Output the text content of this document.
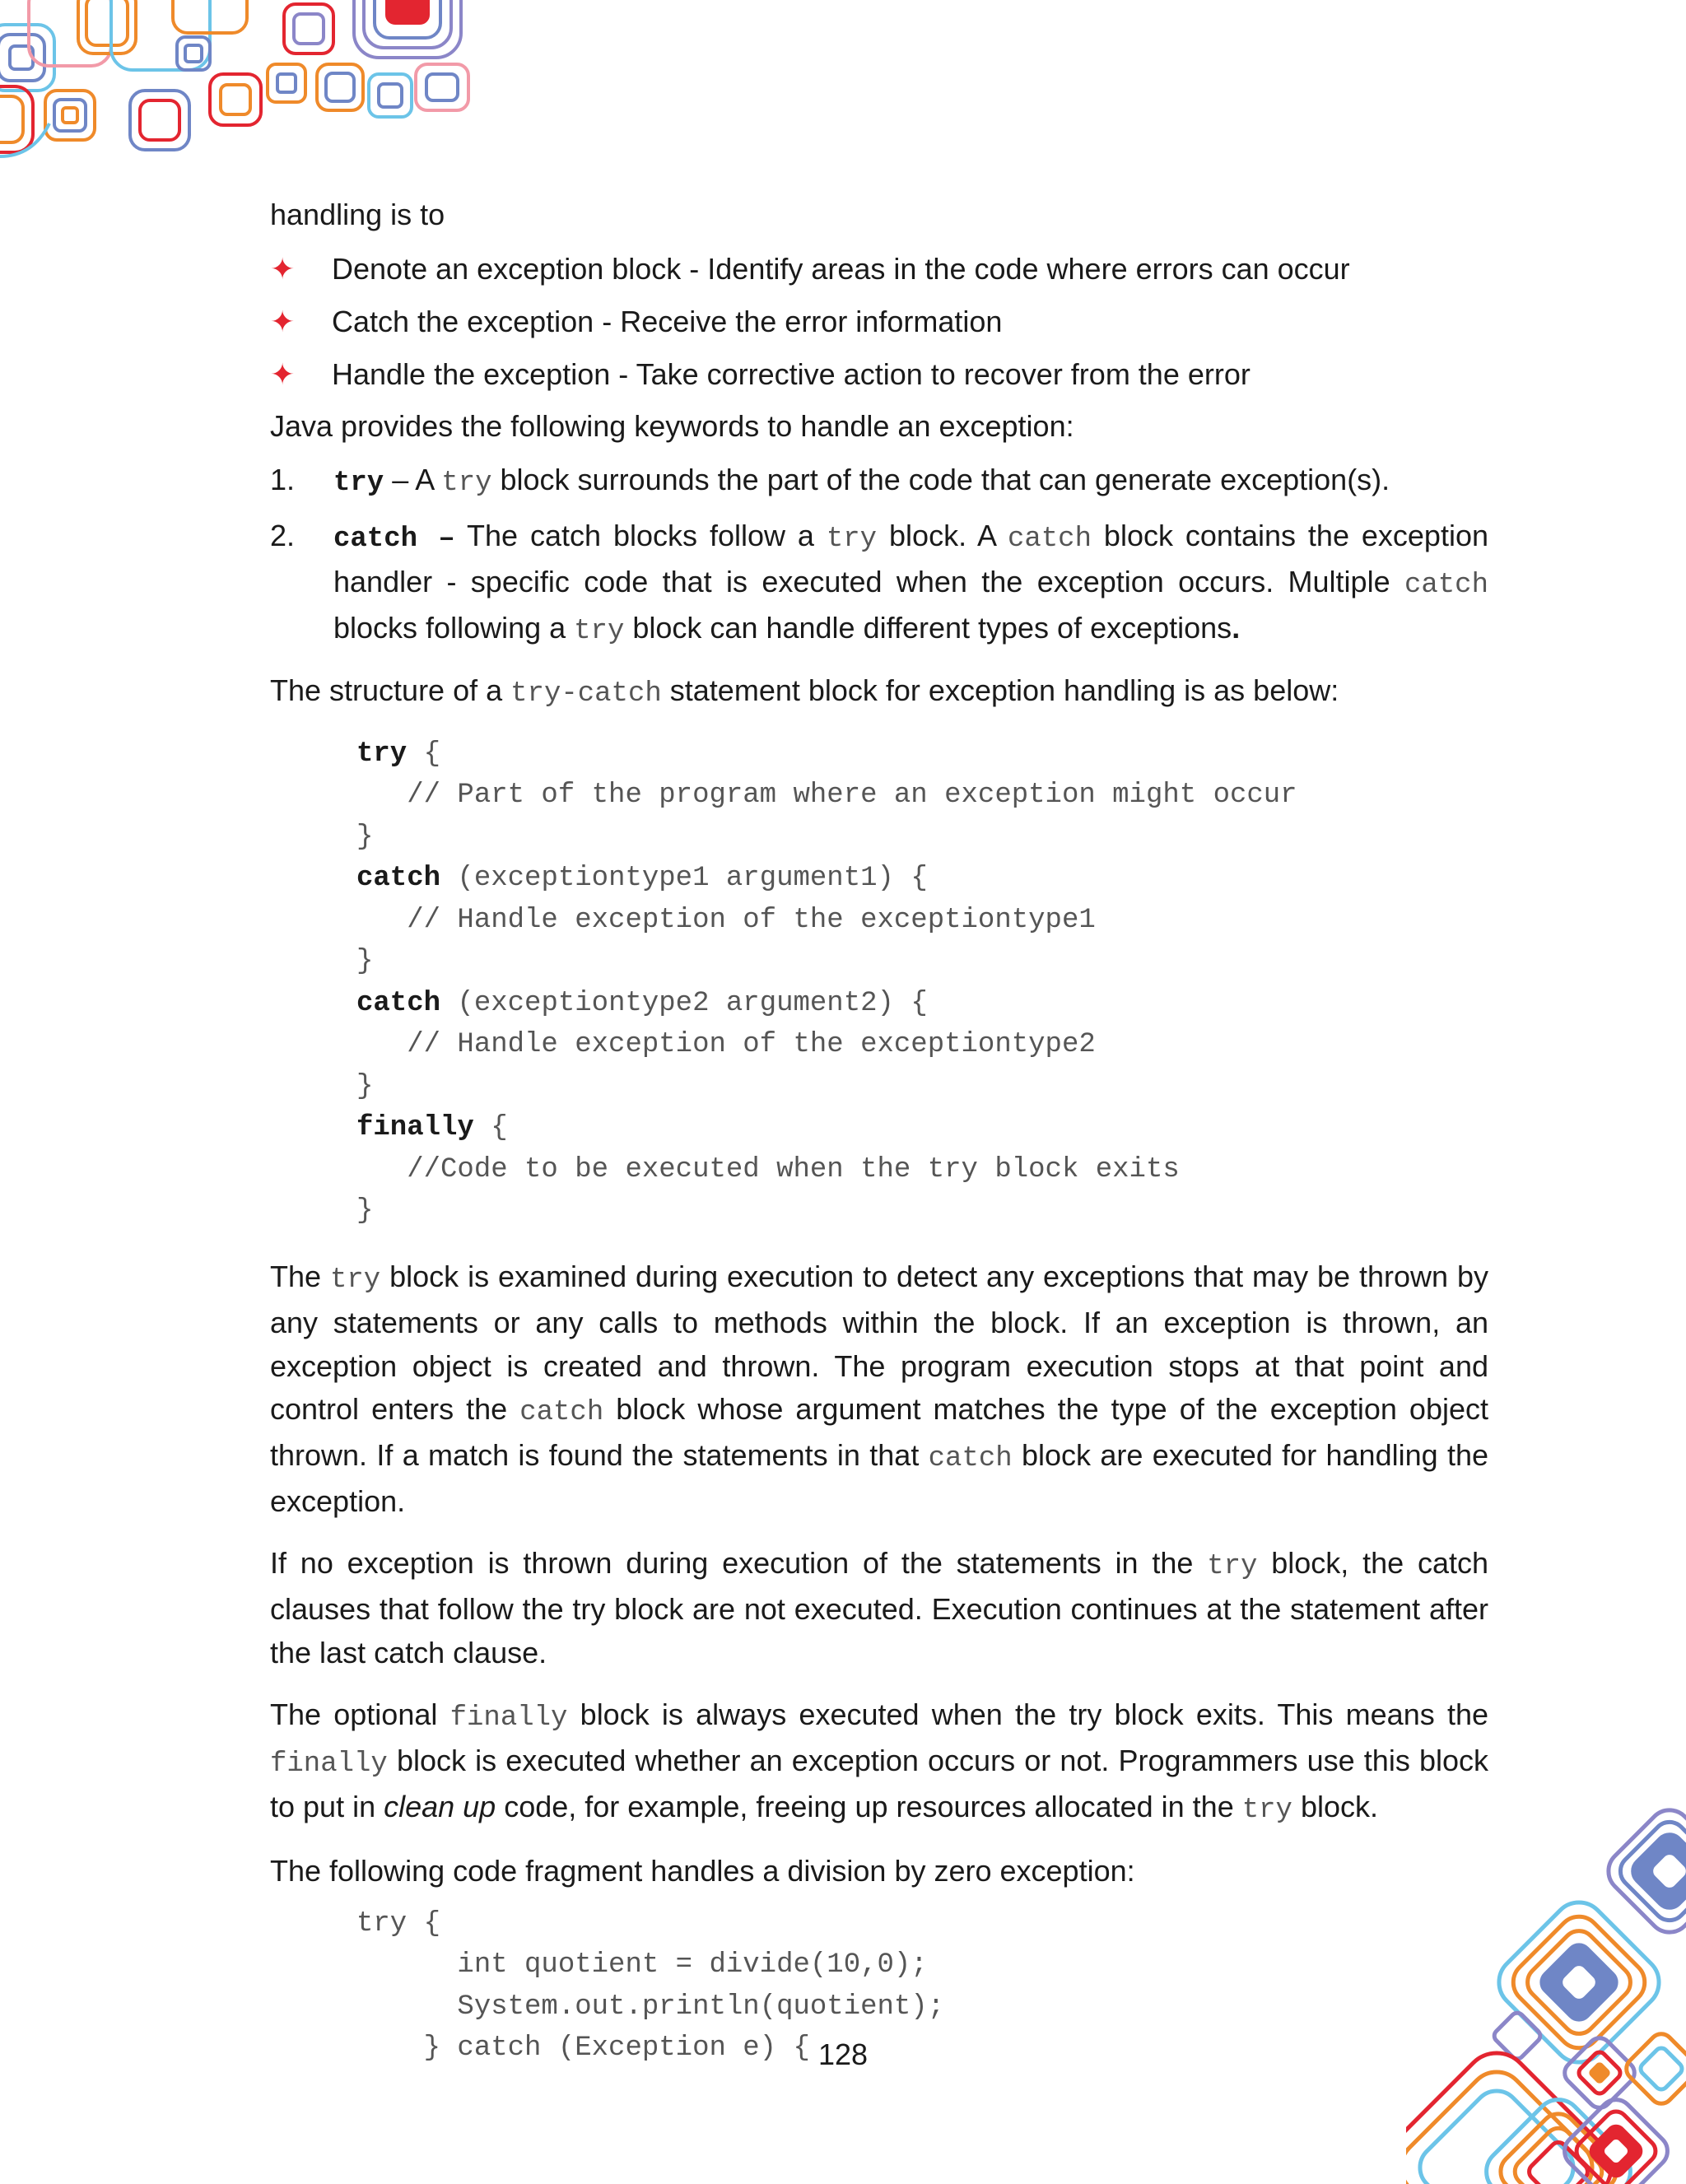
handling is to

✦ Denote an exception block - Identify areas in the code where errors can occur
✦ Catch the exception - Receive the error information
✦ Handle the exception - Take corrective action to recover from the error

Java provides the following keywords to handle an exception:

1. try – A try block surrounds the part of the code that can generate exception(s).
2. catch – The catch blocks follow a try block. A catch block contains the exception handler - specific code that is executed when the exception occurs. Multiple catch blocks following a try block can handle different types of exceptions.

The structure of a try-catch statement block for exception handling is as below:

try {
// Part of the program where an exception might occur
}
catch (exceptiontype1 argument1) {
// Handle exception of the exceptiontype1
}
catch (exceptiontype2 argument2) {
// Handle exception of the exceptiontype2
}
finally {
//Code to be executed when the try block exits
}

The try block is examined during execution to detect any exceptions that may be thrown by any statements or any calls to methods within the block. If an exception is thrown, an exception object is created and thrown. The program execution stops at that point and control enters the catch block whose argument matches the type of the exception object thrown. If a match is found the statements in that catch block are executed for handling the exception.

If no exception is thrown during execution of the statements in the try block, the catch clauses that follow the try block are not executed. Execution continues at the statement after the last catch clause.

The optional finally block is always executed when the try block exits. This means the finally block is executed whether an exception occurs or not. Programmers use this block to put in clean up code, for example, freeing up resources allocated in the try block.

The following code fragment handles a division by zero exception:

try {
int quotient = divide(10,0);
System.out.println(quotient);
} catch (Exception e) { 128
